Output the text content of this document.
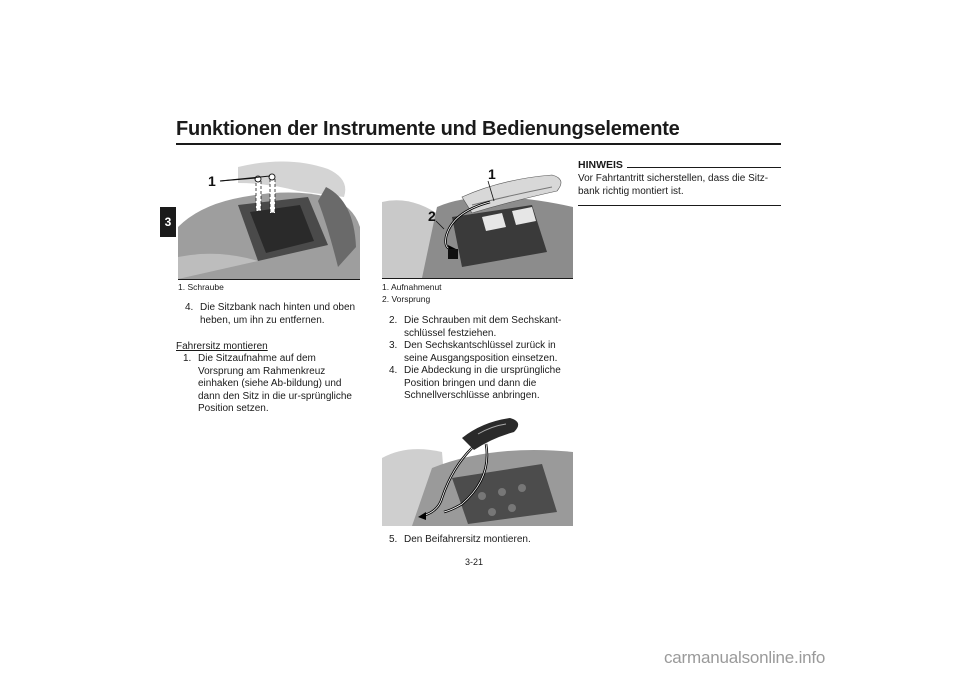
Funktionen der Instrumente und Bedienungselemente
3
1
1. Schraube

4. Die Sitzbank nach hinten und oben heben, um ihn zu entfernen.

Fahrersitz montieren

1. Die Sitzaufnahme auf dem Vorsprung am Rahmenkreuz einhaken (siehe Ab-bildung) und dann den Sitz in die ur-sprüngliche Position setzen.

1
2
1. Aufnahmenut
2. Vorsprung

2. Die Schrauben mit dem Sechskant-schlüssel festziehen.

3. Den Sechskantschlüssel zurück in seine Ausgangsposition einsetzen.

4. Die Abdeckung in die ursprüngliche Position bringen und dann die Schnellverschlüsse anbringen.

5. Den Beifahrersitz montieren.

HINWEIS
Vor Fahrtantritt sicherstellen, dass die Sitz-bank richtig montiert ist.
3-21
carmanualsonline.info
